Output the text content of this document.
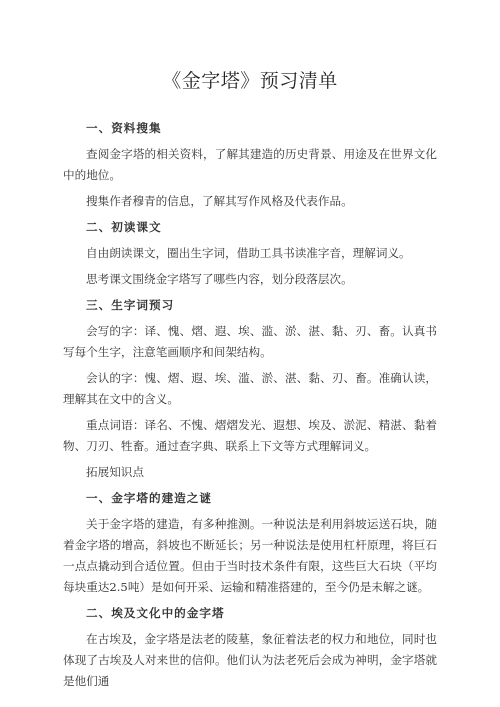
《金字塔》预习清单
一、资料搜集

查阅金字塔的相关资料，了解其建造的历史背景、用途及在世界文化中的地位。

搜集作者穆青的信息，了解其写作风格及代表作品。

二、初读课文

自由朗读课文，圈出生字词，借助工具书读准字音，理解词义。

思考课文围绕金字塔写了哪些内容，划分段落层次。

三、生字词预习

会写的字：译、愧、熠、遐、埃、滥、淤、湛、黏、刃、畜。认真书写每个生字，注意笔画顺序和间架结构。

会认的字：愧、熠、遐、埃、滥、淤、湛、黏、刃、畜。准确认读，理解其在文中的含义。

重点词语：译名、不愧、熠熠发光、遐想、埃及、淤泥、精湛、黏着物、刀刃、牲畜。通过查字典、联系上下文等方式理解词义。

拓展知识点
一、金字塔的建造之谜

关于金字塔的建造，有多种推测。一种说法是利用斜坡运送石块，随着金字塔的增高，斜坡也不断延长；另一种说法是使用杠杆原理，将巨石一点点撬动到合适位置。但由于当时技术条件有限，这些巨大石块（平均每块重达2.5吨）是如何开采、运输和精准搭建的，至今仍是未解之谜。

二、埃及文化中的金字塔

在古埃及，金字塔是法老的陵墓，象征着法老的权力和地位，同时也体现了古埃及人对来世的信仰。他们认为法老死后会成为神明，金字塔就是他们通
